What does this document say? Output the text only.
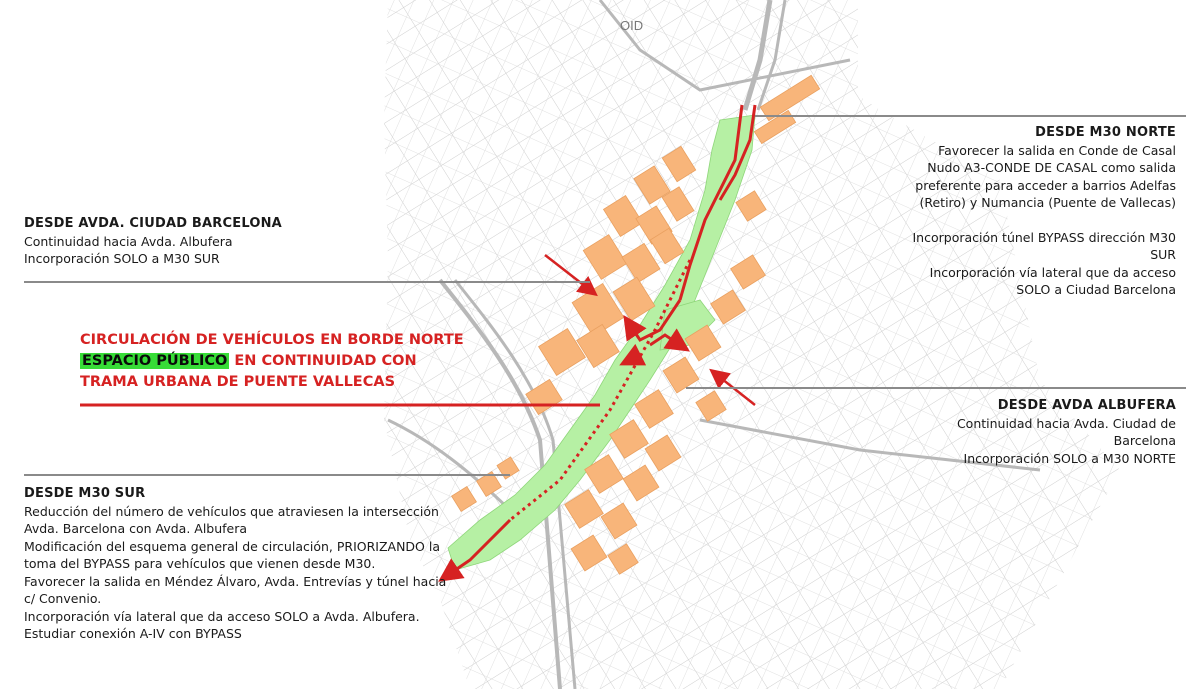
OID
DESDE M30 NORTE
Favorecer la salida en Conde de Casal
Nudo A3-CONDE DE CASAL como salida
preferente para acceder a barrios Adelfas
(Retiro) y Numancia (Puente de Vallecas)
Incorporación túnel BYPASS dirección M30
SUR
Incorporación vía lateral que da acceso
SOLO a Ciudad Barcelona
DESDE AVDA. CIUDAD BARCELONA
Continuidad hacia Avda. Albufera
Incorporación SOLO a M30 SUR
CIRCULACIÓN DE VEHÍCULOS EN BORDE NORTE
ESPACIO PÚBLICO EN CONTINUIDAD CON
TRAMA URBANA DE PUENTE VALLECAS
DESDE AVDA ALBUFERA
Continuidad hacia Avda. Ciudad de
Barcelona
Incorporación SOLO a M30 NORTE
DESDE M30 SUR
Reducción del número de vehículos que atraviesen la intersección
Avda. Barcelona con Avda. Albufera
Modificación del esquema general de circulación, PRIORIZANDO la
toma del BYPASS para vehículos que vienen desde M30.
Favorecer la salida en Méndez Álvaro, Avda. Entrevías y túnel hacia
c/ Convenio.
Incorporación vía lateral que da acceso SOLO a Avda. Albufera.
Estudiar conexión A-IV con BYPASS
